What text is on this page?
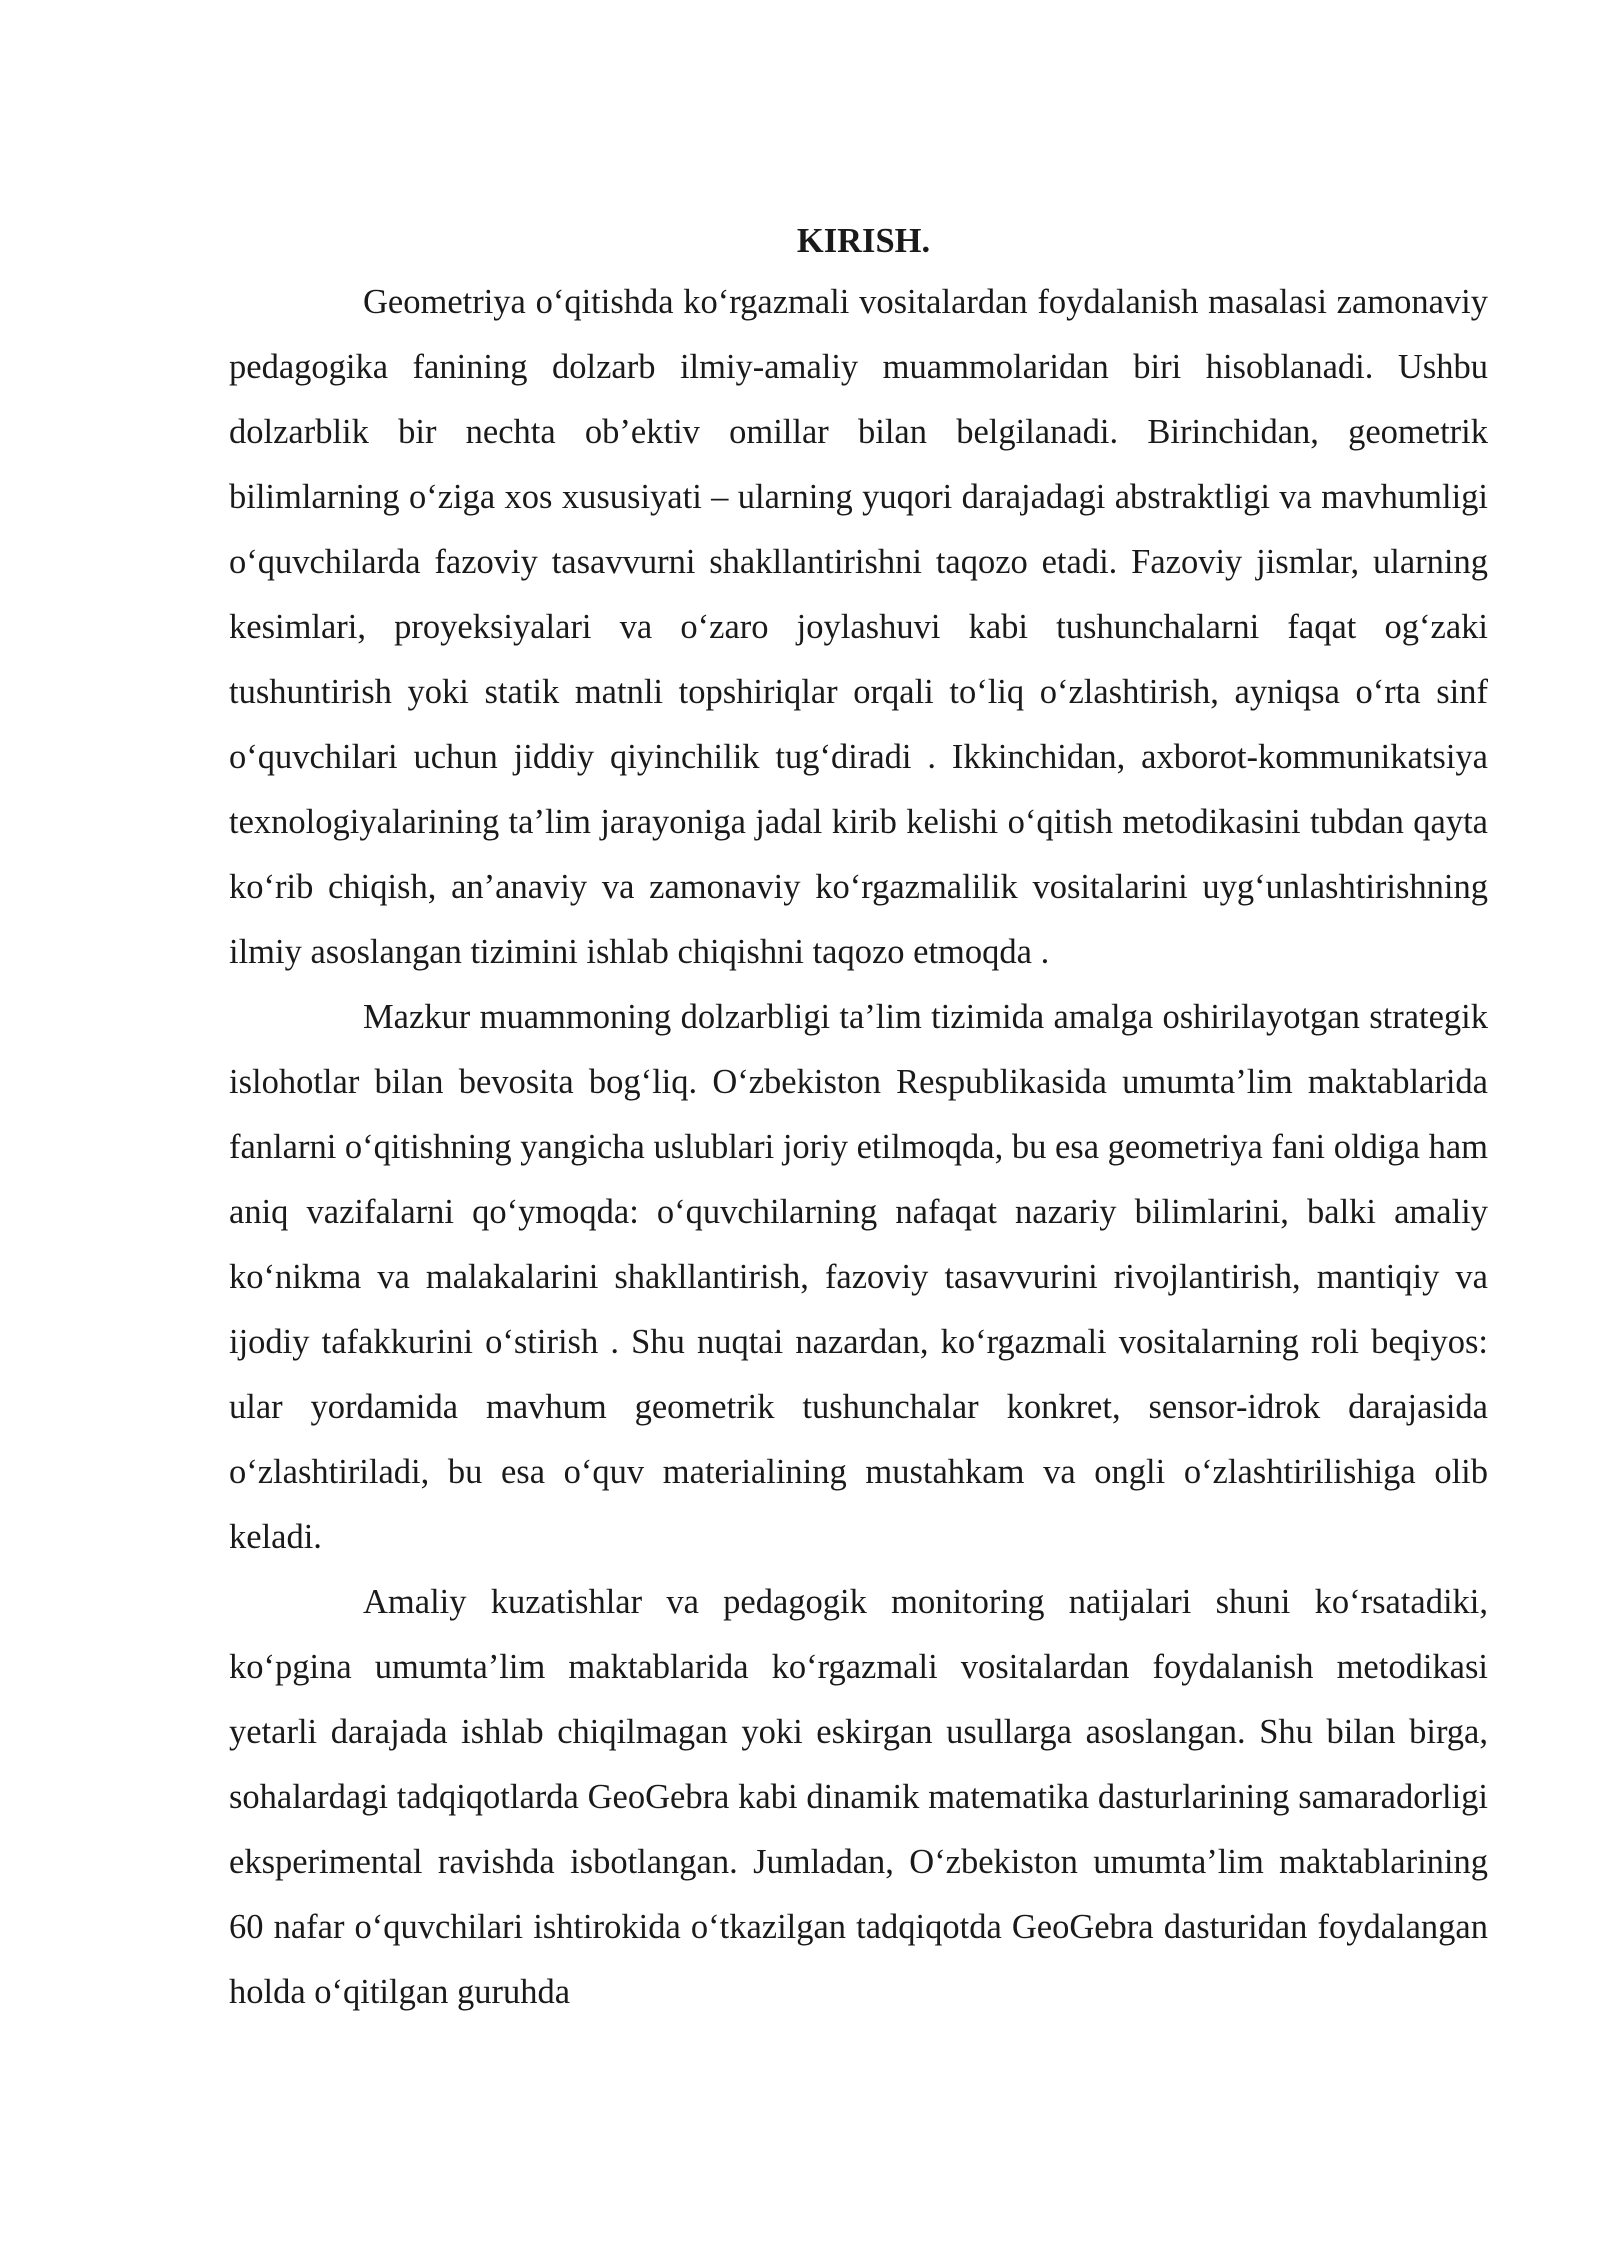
KIRISH.

Geometriya o‘qitishda ko‘rgazmali vositalardan foydalanish masalasi zamonaviy pedagogika fanining dolzarb ilmiy-amaliy muammolaridan biri hisoblanadi. Ushbu dolzarblik bir nechta ob’ektiv omillar bilan belgilanadi. Birinchidan, geometrik bilimlarning o‘ziga xos xususiyati – ularning yuqori darajadagi abstraktligi va mavhumligi o‘quvchilarda fazoviy tasavvurni shakllantirishni taqozo etadi. Fazoviy jismlar, ularning kesimlari, proyeksiyalari va o‘zaro joylashuvi kabi tushunchalarni faqat og‘zaki tushuntirish yoki statik matnli topshiriqlar orqali to‘liq o‘zlashtirish, ayniqsa o‘rta sinf o‘quvchilari uchun jiddiy qiyinchilik tug‘diradi . Ikkinchidan, axborot-kommunikatsiya texnologiyalarining ta’lim jarayoniga jadal kirib kelishi o‘qitish metodikasini tubdan qayta ko‘rib chiqish, an’anaviy va zamonaviy ko‘rgazmalilik vositalarini uyg‘unlashtirishning ilmiy asoslangan tizimini ishlab chiqishni taqozo etmoqda .

Mazkur muammoning dolzarbligi ta’lim tizimida amalga oshirilayotgan strategik islohotlar bilan bevosita bog‘liq. O‘zbekiston Respublikasida umumta’lim maktablarida fanlarni o‘qitishning yangicha uslublari joriy etilmoqda, bu esa geometriya fani oldiga ham aniq vazifalarni qo‘ymoqda: o‘quvchilarning nafaqat nazariy bilimlarini, balki amaliy ko‘nikma va malakalarini shakllantirish, fazoviy tasavvurini rivojlantirish, mantiqiy va ijodiy tafakkurini o‘stirish . Shu nuqtai nazardan, ko‘rgazmali vositalarning roli beqiyos: ular yordamida mavhum geometrik tushunchalar konkret, sensor-idrok darajasida o‘zlashtiriladi, bu esa o‘quv materialining mustahkam va ongli o‘zlashtirilishiga olib keladi.

Amaliy kuzatishlar va pedagogik monitoring natijalari shuni ko‘rsatadiki, ko‘pgina umumta’lim maktablarida ko‘rgazmali vositalardan foydalanish metodikasi yetarli darajada ishlab chiqilmagan yoki eskirgan usullarga asoslangan. Shu bilan birga, sohalardagi tadqiqotlarda GeoGebra kabi dinamik matematika dasturlarining samaradorligi eksperimental ravishda isbotlangan. Jumladan, O‘zbekiston umumta’lim maktablarining 60 nafar o‘quvchilari ishtirokida o‘tkazilgan tadqiqotda GeoGebra dasturidan foydalangan holda o‘qitilgan guruhda
